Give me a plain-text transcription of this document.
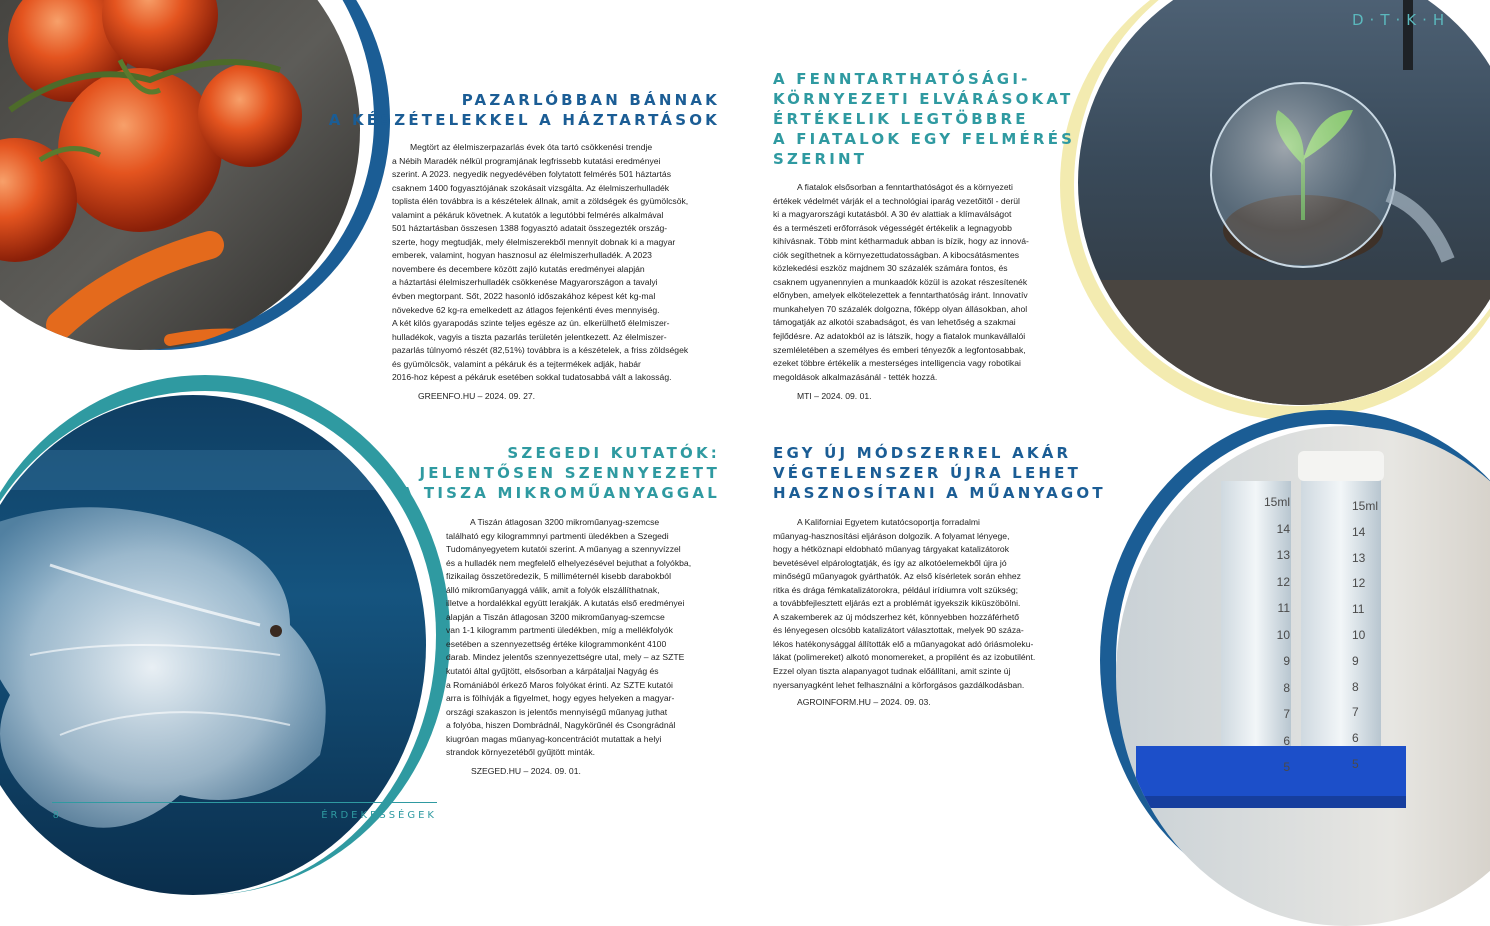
15ml
14
13
12
11
10
9
8
7
6
5
15ml
14
13
12
11
10
9
8
7
6
5
D·T·K·H
PAZARLÓBBAN BÁNNAK
A KÉSZÉTELEKKEL A HÁZTARTÁSOK
Megtört az élelmiszerpazarlás évek óta tartó csökkenési trendje
a Nébih Maradék nélkül programjának legfrissebb kutatási eredményei
szerint. A 2023. negyedik negyedévében folytatott felmérés 501 háztartás
csaknem 1400 fogyasztójának szokásait vizsgálta. Az élelmiszerhulladék
toplista élén továbbra is a készételek állnak, amit a zöldségek és gyümölcsök,
valamint a pékáruk követnek. A kutatók a legutóbbi felmérés alkalmával
501 háztartásban összesen 1388 fogyasztó adatait összegezték ország-
szerte, hogy megtudják, mely élelmiszerekből mennyit dobnak ki a magyar
emberek, valamint, hogyan hasznosul az élelmiszerhulladék. A 2023
novembere és decembere között zajló kutatás eredményei alapján
a háztartási élelmiszerhulladék csökkenése Magyarországon a tavalyi
évben megtorpant. Sőt, 2022 hasonló időszakához képest két kg-mal
növekedve 62 kg-ra emelkedett az átlagos fejenkénti éves mennyiség.
A két kilós gyarapodás szinte teljes egésze az ún. elkerülhető élelmiszer-
hulladékok, vagyis a tiszta pazarlás területén jelentkezett. Az élelmiszer-
pazarlás túlnyomó részét (82,51%) továbbra is a készételek, a friss zöldségek
és gyümölcsök, valamint a pékáruk és a tejtermékek adják, habár
2016-hoz képest a pékáruk esetében sokkal tudatosabbá vált a lakosság.
GREENFO.HU – 2024. 09. 27.
A FENNTARTHATÓSÁGI-
KÖRNYEZETI ELVÁRÁSOKAT
ÉRTÉKELIK LEGTÖBBRE
A FIATALOK EGY FELMÉRÉS
SZERINT
A fiatalok elsősorban a fenntarthatóságot és a környezeti
értékek védelmét várják el a technológiai iparág vezetőitől - derül
ki a magyarországi kutatásból. A 30 év alattiak a klímaválságot
és a természeti erőforrások végességét értékelik a legnagyobb
kihívásnak. Több mint kétharmaduk abban is bízik, hogy az innová-
ciók segíthetnek a környezettudatosságban. A kibocsátásmentes
közlekedési eszköz majdnem 30 százalék számára fontos, és
csaknem ugyanennyien a munkaadók közül is azokat részesítenék
előnyben, amelyek elkötelezettek a fenntarthatóság iránt. Innovatív
munkahelyen 70 százalék dolgozna, főképp olyan állásokban, ahol
támogatják az alkotói szabadságot, és van lehetőség a szakmai
fejlődésre. Az adatokból az is látszik, hogy a fiatalok munkavállalói
szemléletében a személyes és emberi tényezők a legfontosabbak,
ezeket többre értékelik a mesterséges intelligencia vagy robotikai
megoldások alkalmazásánál - tették hozzá.
MTI – 2024. 09. 01.
SZEGEDI KUTATÓK:
JELENTŐSEN SZENNYEZETT
A TISZA MIKROMŰANYAGGAL
A Tiszán átlagosan 3200 mikroműanyag-szemcse
található egy kilogrammnyi partmenti üledékben a Szegedi
Tudományegyetem kutatói szerint. A műanyag a szennyvízzel
és a hulladék nem megfelelő elhelyezésével bejuthat a folyókba,
fizikailag összetöredezik, 5 milliméternél kisebb darabokból
álló mikroműanyaggá válik, amit a folyók elszállíthatnak,
illetve a hordalékkal együtt lerakják. A kutatás első eredményei
alapján a Tiszán átlagosan 3200 mikroműanyag-szemcse
van 1-1 kilogramm partmenti üledékben, míg a mellékfolyók
esetében a szennyezettség értéke kilogrammonként 4100
darab. Mindez jelentős szennyezettségre utal, mely – az SZTE
kutatói által gyűjtött, elsősorban a kárpátaljai Nagyág és
a Romániából érkező Maros folyókat érinti. Az SZTE kutatói
arra is fölhívják a figyelmet, hogy egyes helyeken a magyar-
országi szakaszon is jelentős mennyiségű műanyag juthat
a folyóba, hiszen Dombrádnál, Nagykörűnél és Csongrádnál
kiugróan magas műanyag-koncentrációt mutattak a helyi
strandok környezetéből gyűjtött minták.
SZEGED.HU – 2024. 09. 01.
EGY ÚJ MÓDSZERREL AKÁR
VÉGTELENSZER ÚJRA LEHET
HASZNOSÍTANI A MŰANYAGOT
A Kaliforniai Egyetem kutatócsoportja forradalmi
műanyag-hasznosítási eljáráson dolgozik. A folyamat lényege,
hogy a hétköznapi eldobható műanyag tárgyakat katalizátorok
bevetésével elpárologtatják, és így az alkotóelemekből újra jó
minőségű műanyagok gyárthatók. Az első kísérletek során ehhez
ritka és drága fémkatalizátorokra, például irídiumra volt szükség;
a továbbfejlesztett eljárás ezt a problémát igyekszik kiküszöbölni.
A szakemberek az új módszerhez két, könnyebben hozzáférhető
és lényegesen olcsóbb katalizátort választottak, melyek 90 száza-
lékos hatékonysággal állították elő a műanyagokat adó óriásmoleku-
lákat (polimereket) alkotó monomereket, a propilént és az izobutilént.
Ezzel olyan tiszta alapanyagot tudnak előállítani, amit szinte új
nyersanyagként lehet felhasználni a körforgásos gazdálkodásban.
AGROINFORM.HU – 2024. 09. 03.
8	ÉRDEKESSÉGEK
